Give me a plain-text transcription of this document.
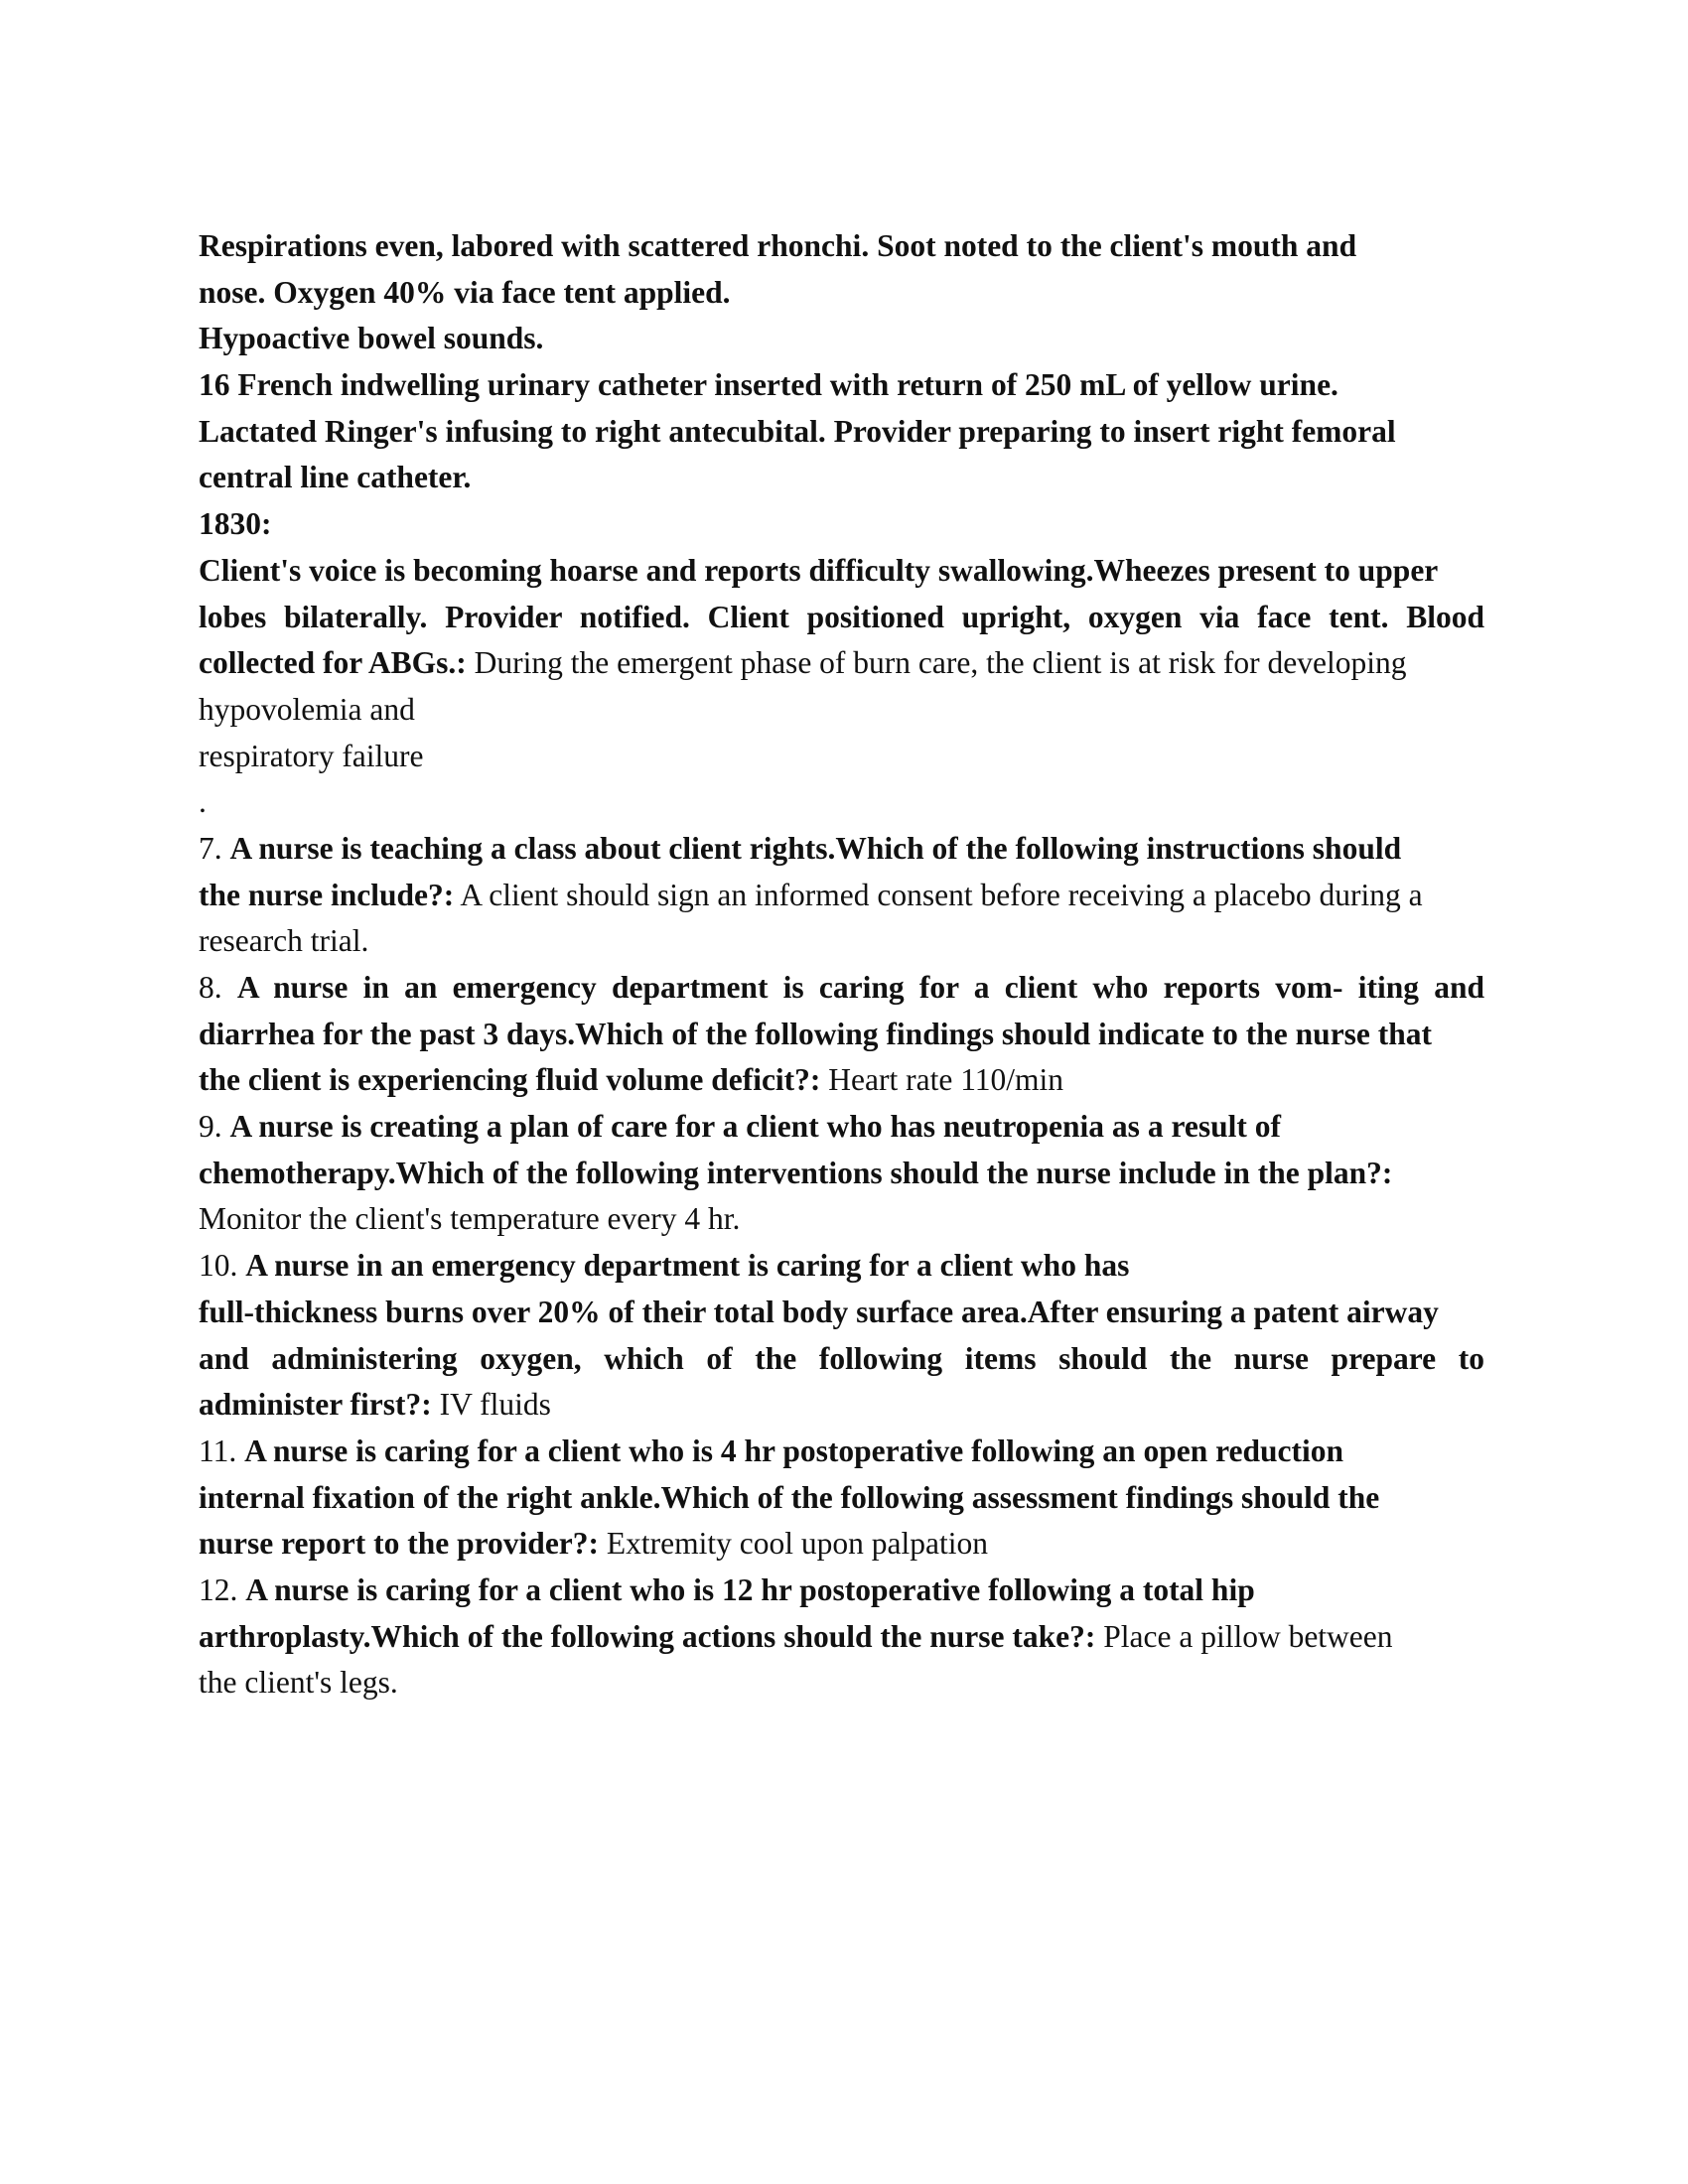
Respirations even, labored with scattered rhonchi. Soot noted to the client's mouth and
nose. Oxygen 40% via face tent applied.
Hypoactive bowel sounds.
16 French indwelling urinary catheter inserted with return of 250 mL of yellow urine.
Lactated Ringer's infusing to right antecubital. Provider preparing to insert right femoral
central line catheter.
1830:
Client's voice is becoming hoarse and reports difficulty swallowing.Wheezes present to upper
lobes bilaterally. Provider notified. Client positioned upright, oxygen via face tent. Blood
collected for ABGs.: During the emergent phase of burn care, the client is at risk for developing
hypovolemia and
respiratory failure
.
7. A nurse is teaching a class about client rights.Which of the following instructions should
the nurse include?: A client should sign an informed consent before receiving a placebo during a
research trial.
8. A nurse in an emergency department is caring for a client who reports vom- iting and
diarrhea for the past 3 days.Which of the following findings should indicate to the nurse that
the client is experiencing fluid volume deficit?: Heart rate 110/min
9. A nurse is creating a plan of care for a client who has neutropenia as a result of
chemotherapy.Which of the following interventions should the nurse include in the plan?:
Monitor the client's temperature every 4 hr.
10. A nurse in an emergency department is caring for a client who has
full-thickness burns over 20% of their total body surface area.After ensuring a patent airway
and administering oxygen, which of the following items should the nurse prepare to
administer first?: IV fluids
11. A nurse is caring for a client who is 4 hr postoperative following an open reduction
internal fixation of the right ankle.Which of the following assessment findings should the
nurse report to the provider?: Extremity cool upon palpation
12. A nurse is caring for a client who is 12 hr postoperative following a total hip
arthroplasty.Which of the following actions should the nurse take?: Place a pillow between
the client's legs.
